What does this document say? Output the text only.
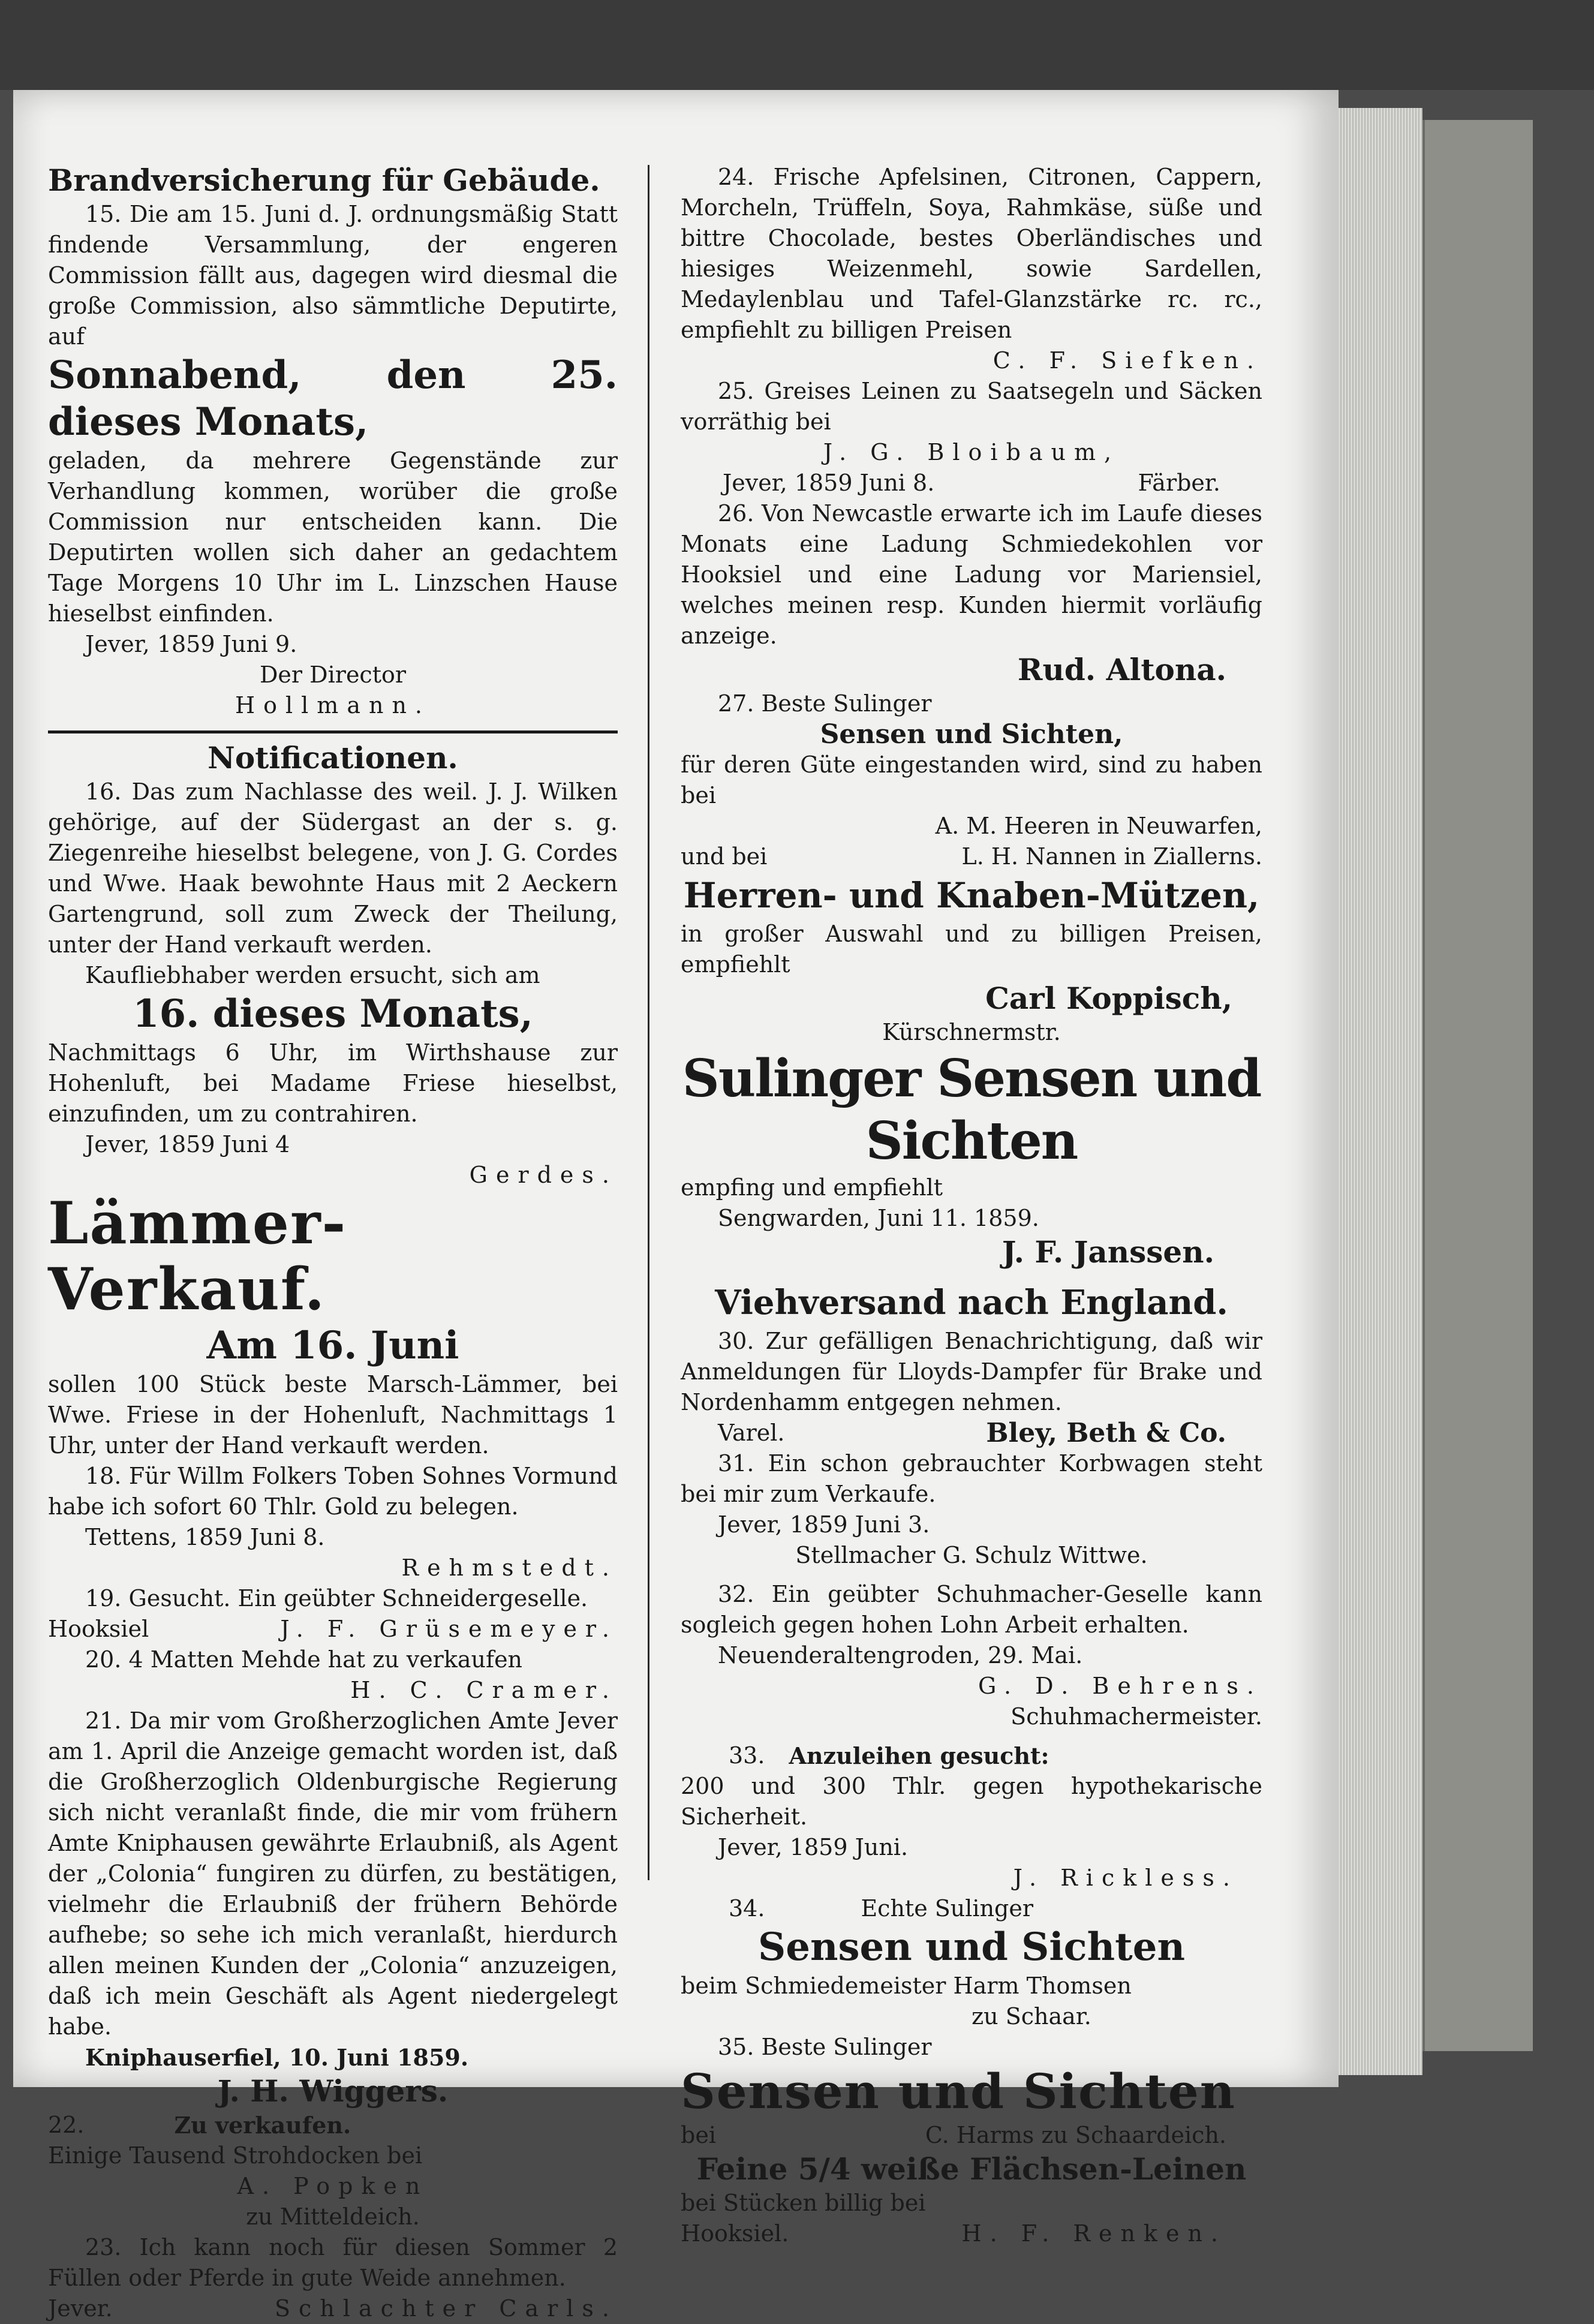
Brandversicherung für Gebäude.

15. Die am 15. Juni d. J. ordnungsmäßig Statt findende Versammlung, der engeren Commission fällt aus, dagegen wird diesmal die große Commission, also sämmtliche Deputirte, auf

Sonnabend, den 25. dieses Monats,

geladen, da mehrere Gegenstände zur Verhandlung kommen, worüber die große Commission nur entscheiden kann. Die Deputirten wollen sich daher an gedachtem Tage Morgens 10 Uhr im L. Linzschen Hause hieselbst einfinden.

Jever, 1859 Juni 9.

Der Director

Hollmann.

Notificationen.

16. Das zum Nachlasse des weil. J. J. Wilken gehörige, auf der Südergast an der s. g. Ziegenreihe hieselbst belegene, von J. G. Cordes und Wwe. Haak bewohnte Haus mit 2 Aeckern Gartengrund, soll zum Zweck der Theilung, unter der Hand verkauft werden.

Kaufliebhaber werden ersucht, sich am

16. dieses Monats,

Nachmittags 6 Uhr, im Wirthshause zur Hohenluft, bei Madame Friese hieselbst, einzufinden, um zu contrahiren.

Jever, 1859 Juni 4

Gerdes.

Lämmer-Verkauf.

Am 16. Juni

sollen 100 Stück beste Marsch-Lämmer, bei Wwe. Friese in der Hohenluft, Nachmittags 1 Uhr, unter der Hand verkauft werden.

18. Für Willm Folkers Toben Sohnes Vormund habe ich sofort 60 Thlr. Gold zu belegen.

Tettens, 1859 Juni 8.

Rehmstedt.

19. Gesucht. Ein geübter Schneidergeselle.

Hooksiel	J. F. Grüsemeyer.

20. 4 Matten Mehde hat zu verkaufen

H. C. Cramer.

21. Da mir vom Großherzoglichen Amte Jever am 1. April die Anzeige gemacht worden ist, daß die Großherzoglich Oldenburgische Regierung sich nicht veranlaßt finde, die mir vom frühern Amte Kniphausen gewährte Erlaubniß, als Agent der „Colonia“ fungiren zu dürfen, zu bestätigen, vielmehr die Erlaubniß der frühern Behörde aufhebe; so sehe ich mich veranlaßt, hierdurch allen meinen Kunden der „Colonia“ anzuzeigen, daß ich mein Geschäft als Agent niedergelegt habe.

Kniphauserfiel, 10. Juni 1859.

J. H. Wiggers.

22.	Zu verkaufen.

Einige Tausend Strohdocken bei

A. Popken

zu Mitteldeich.

23. Ich kann noch für diesen Sommer 2 Füllen oder Pferde in gute Weide annehmen.

Jever.	Schlachter Carls.

24. Frische Apfelsinen, Citronen, Cappern, Morcheln, Trüffeln, Soya, Rahmkäse, süße und bittre Chocolade, bestes Oberländisches und hiesiges Weizenmehl, sowie Sardellen, Medaylenblau und Tafel-Glanzstärke rc. rc., empfiehlt zu billigen Preisen

C. F. Siefken.

25. Greises Leinen zu Saatsegeln und Säcken vorräthig bei

J. G. Bloibaum,

Jever, 1859 Juni 8.	Färber.

26. Von Newcastle erwarte ich im Laufe dieses Monats eine Ladung Schmiedekohlen vor Hooksiel und eine Ladung vor Mariensiel, welches meinen resp. Kunden hiermit vorläufig anzeige.

Rud. Altona.

27. Beste Sulinger

Sensen und Sichten,

für deren Güte eingestanden wird, sind zu haben bei

A. M. Heeren in Neuwarfen,

und bei	L. H. Nannen in Ziallerns.

Herren- und Knaben-Mützen,

in großer Auswahl und zu billigen Preisen, empfiehlt

Carl Koppisch,

Kürschnermstr.

Sulinger Sensen und Sichten

empfing und empfiehlt

Sengwarden, Juni 11. 1859.

J. F. Janssen.

Viehversand nach England.

30. Zur gefälligen Benachrichtigung, daß wir Anmeldungen für Lloyds-Dampfer für Brake und Nordenhamm entgegen nehmen.

Varel.	Bley, Beth & Co.

31. Ein schon gebrauchter Korbwagen steht bei mir zum Verkaufe.

Jever, 1859 Juni 3.

Stellmacher G. Schulz Wittwe.

32. Ein geübter Schuhmacher-Geselle kann sogleich gegen hohen Lohn Arbeit erhalten.

Neuenderaltengroden, 29. Mai.

G. D. Behrens.

Schuhmachermeister.

33. Anzuleihen gesucht:

200 und 300 Thlr. gegen hypothekarische Sicherheit.

Jever, 1859 Juni.

J. Rickless.

34.	Echte Sulinger

Sensen und Sichten

beim Schmiedemeister Harm Thomsen

zu Schaar.

35. Beste Sulinger

Sensen und Sichten

bei	C. Harms zu Schaardeich.

Feine 5/4 weiße Flächsen-Leinen

bei Stücken billig bei

Hooksiel.	H. F. Renken.
